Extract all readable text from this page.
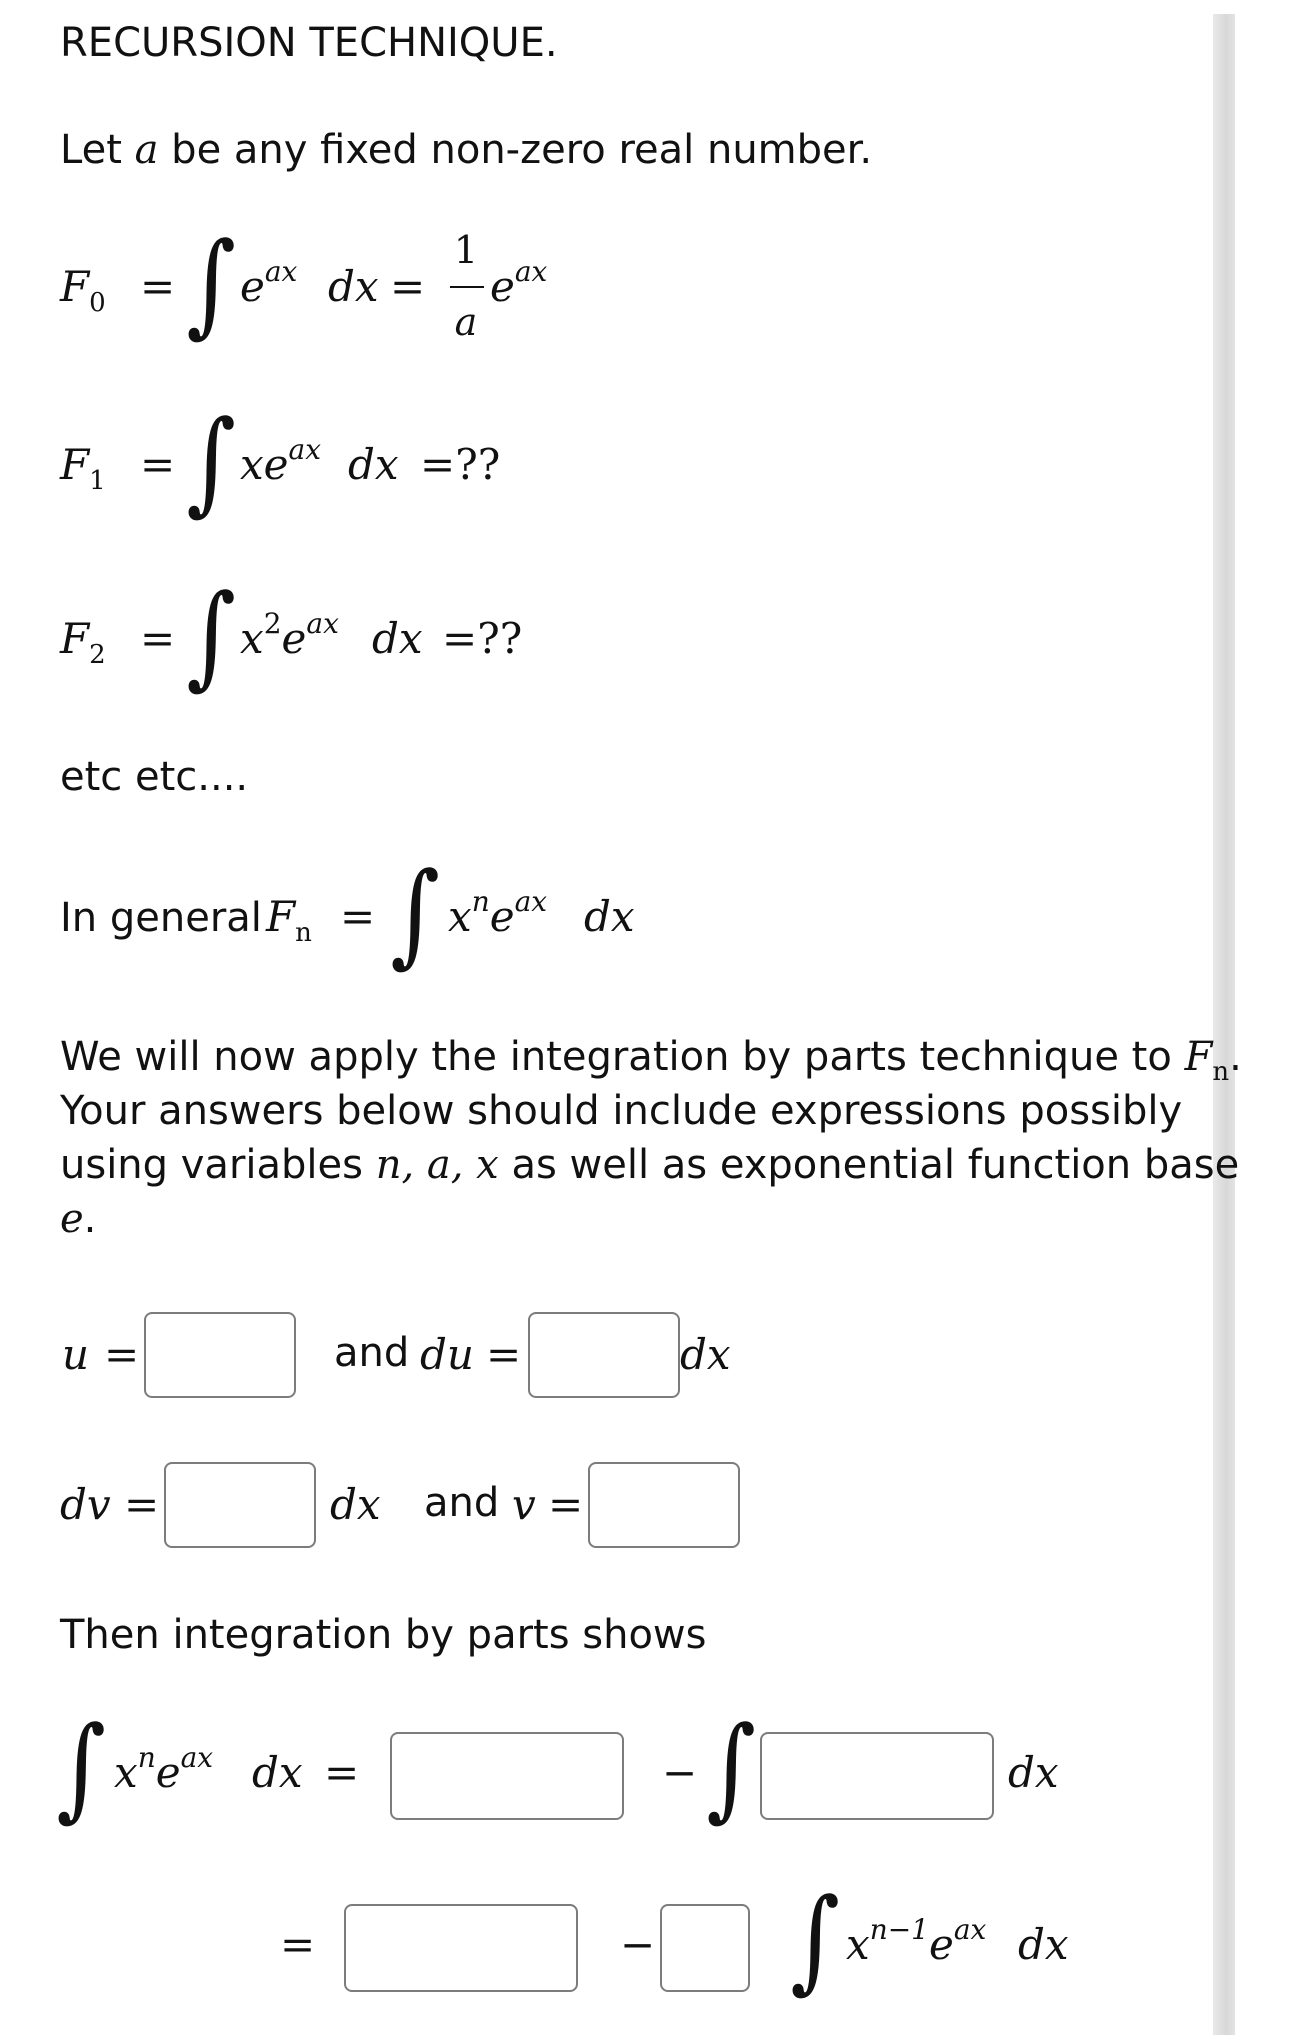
RECURSION TECHNIQUE.
Let a be any fixed non-zero real number.
$F_0$ = ∫ $e^{ax}$ dx =
1
a
$e^{ax}$
$F_1$ = ∫ $xe^{ax}$ dx =??
$F_2$ = ∫ $x^2e^{ax}$ dx =??
etc etc....
In general $F_n$ = ∫ $x^ne^{ax}$ dx
We will now apply the integration by parts technique to $F_n$.
Your answers below should include expressions possibly
using variables n, a, x as well as exponential function base
e.
u =	and du =	dx
dv =	dx and v =
Then integration by parts shows
∫ $x^ne^{ax}$ dx =	− ∫	dx
=	− ∫ $x^{n-1}e^{ax}$ dx
